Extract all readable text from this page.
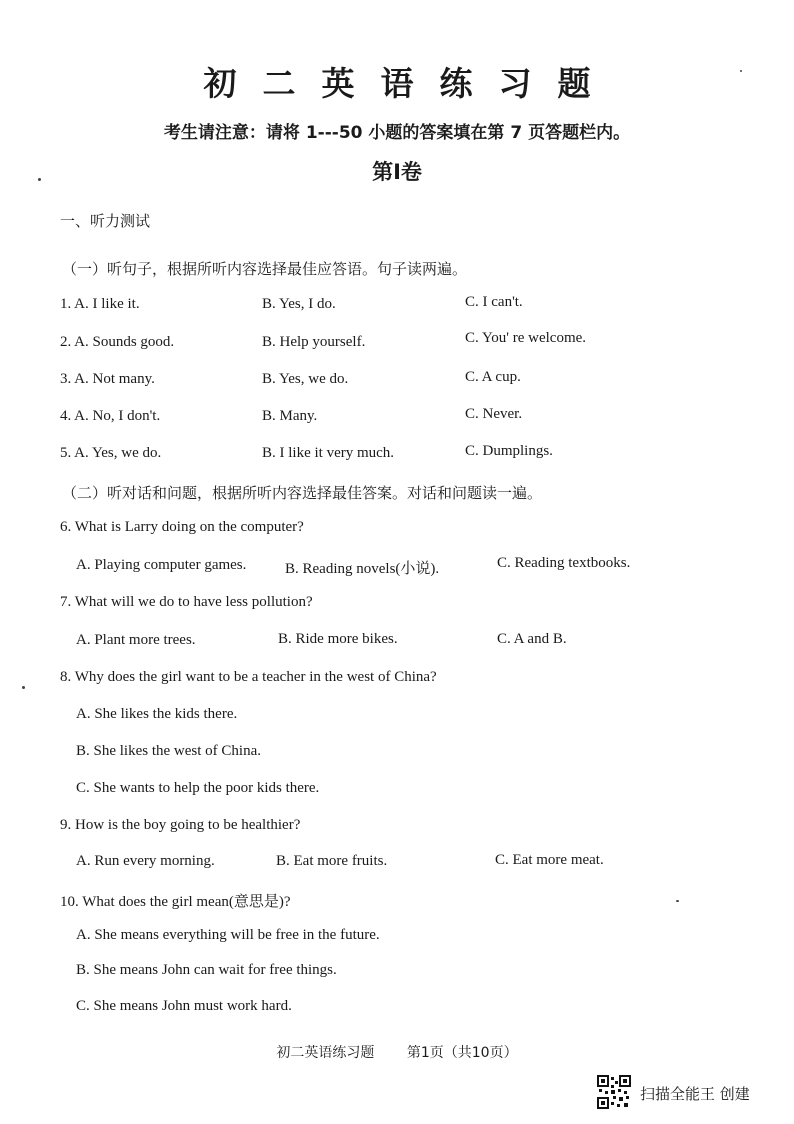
初二英语练习题
考生请注意：请将 1---50 小题的答案填在第 7 页答题栏内。
第Ⅰ卷
一、听力测试
（一）听句子，根据所听内容选择最佳应答语。句子读两遍。
1. A. I like it.	B. Yes, I do.	C. I can't.
2. A. Sounds good.	B. Help yourself.	C. You' re welcome.
3. A. Not many.	B. Yes, we do.	C. A cup.
4. A. No, I don't.	B. Many.	C. Never.
5. A. Yes, we do.	B. I like it very much.	C. Dumplings.
（二）听对话和问题，根据所听内容选择最佳答案。对话和问题读一遍。
6. What is Larry doing on the computer?
A. Playing computer games.	B. Reading novels(小说).	C. Reading textbooks.
7. What will we do to have less pollution?
A. Plant more trees.	B. Ride more bikes.	C. A and B.
8. Why does the girl want to be a teacher in the west of China?
A. She likes the kids there.
B. She likes the west of China.
C. She wants to help the poor kids there.
9. How is the boy going to be healthier?
A. Run every morning.	B. Eat more fruits.	C. Eat more meat.
10. What does the girl mean(意思是)?
A. She means everything will be free in the future.
B. She means John can wait for free things.
C. She means John must work hard.
初二英语练习题 第1页（共10页）
扫描全能王 创建
